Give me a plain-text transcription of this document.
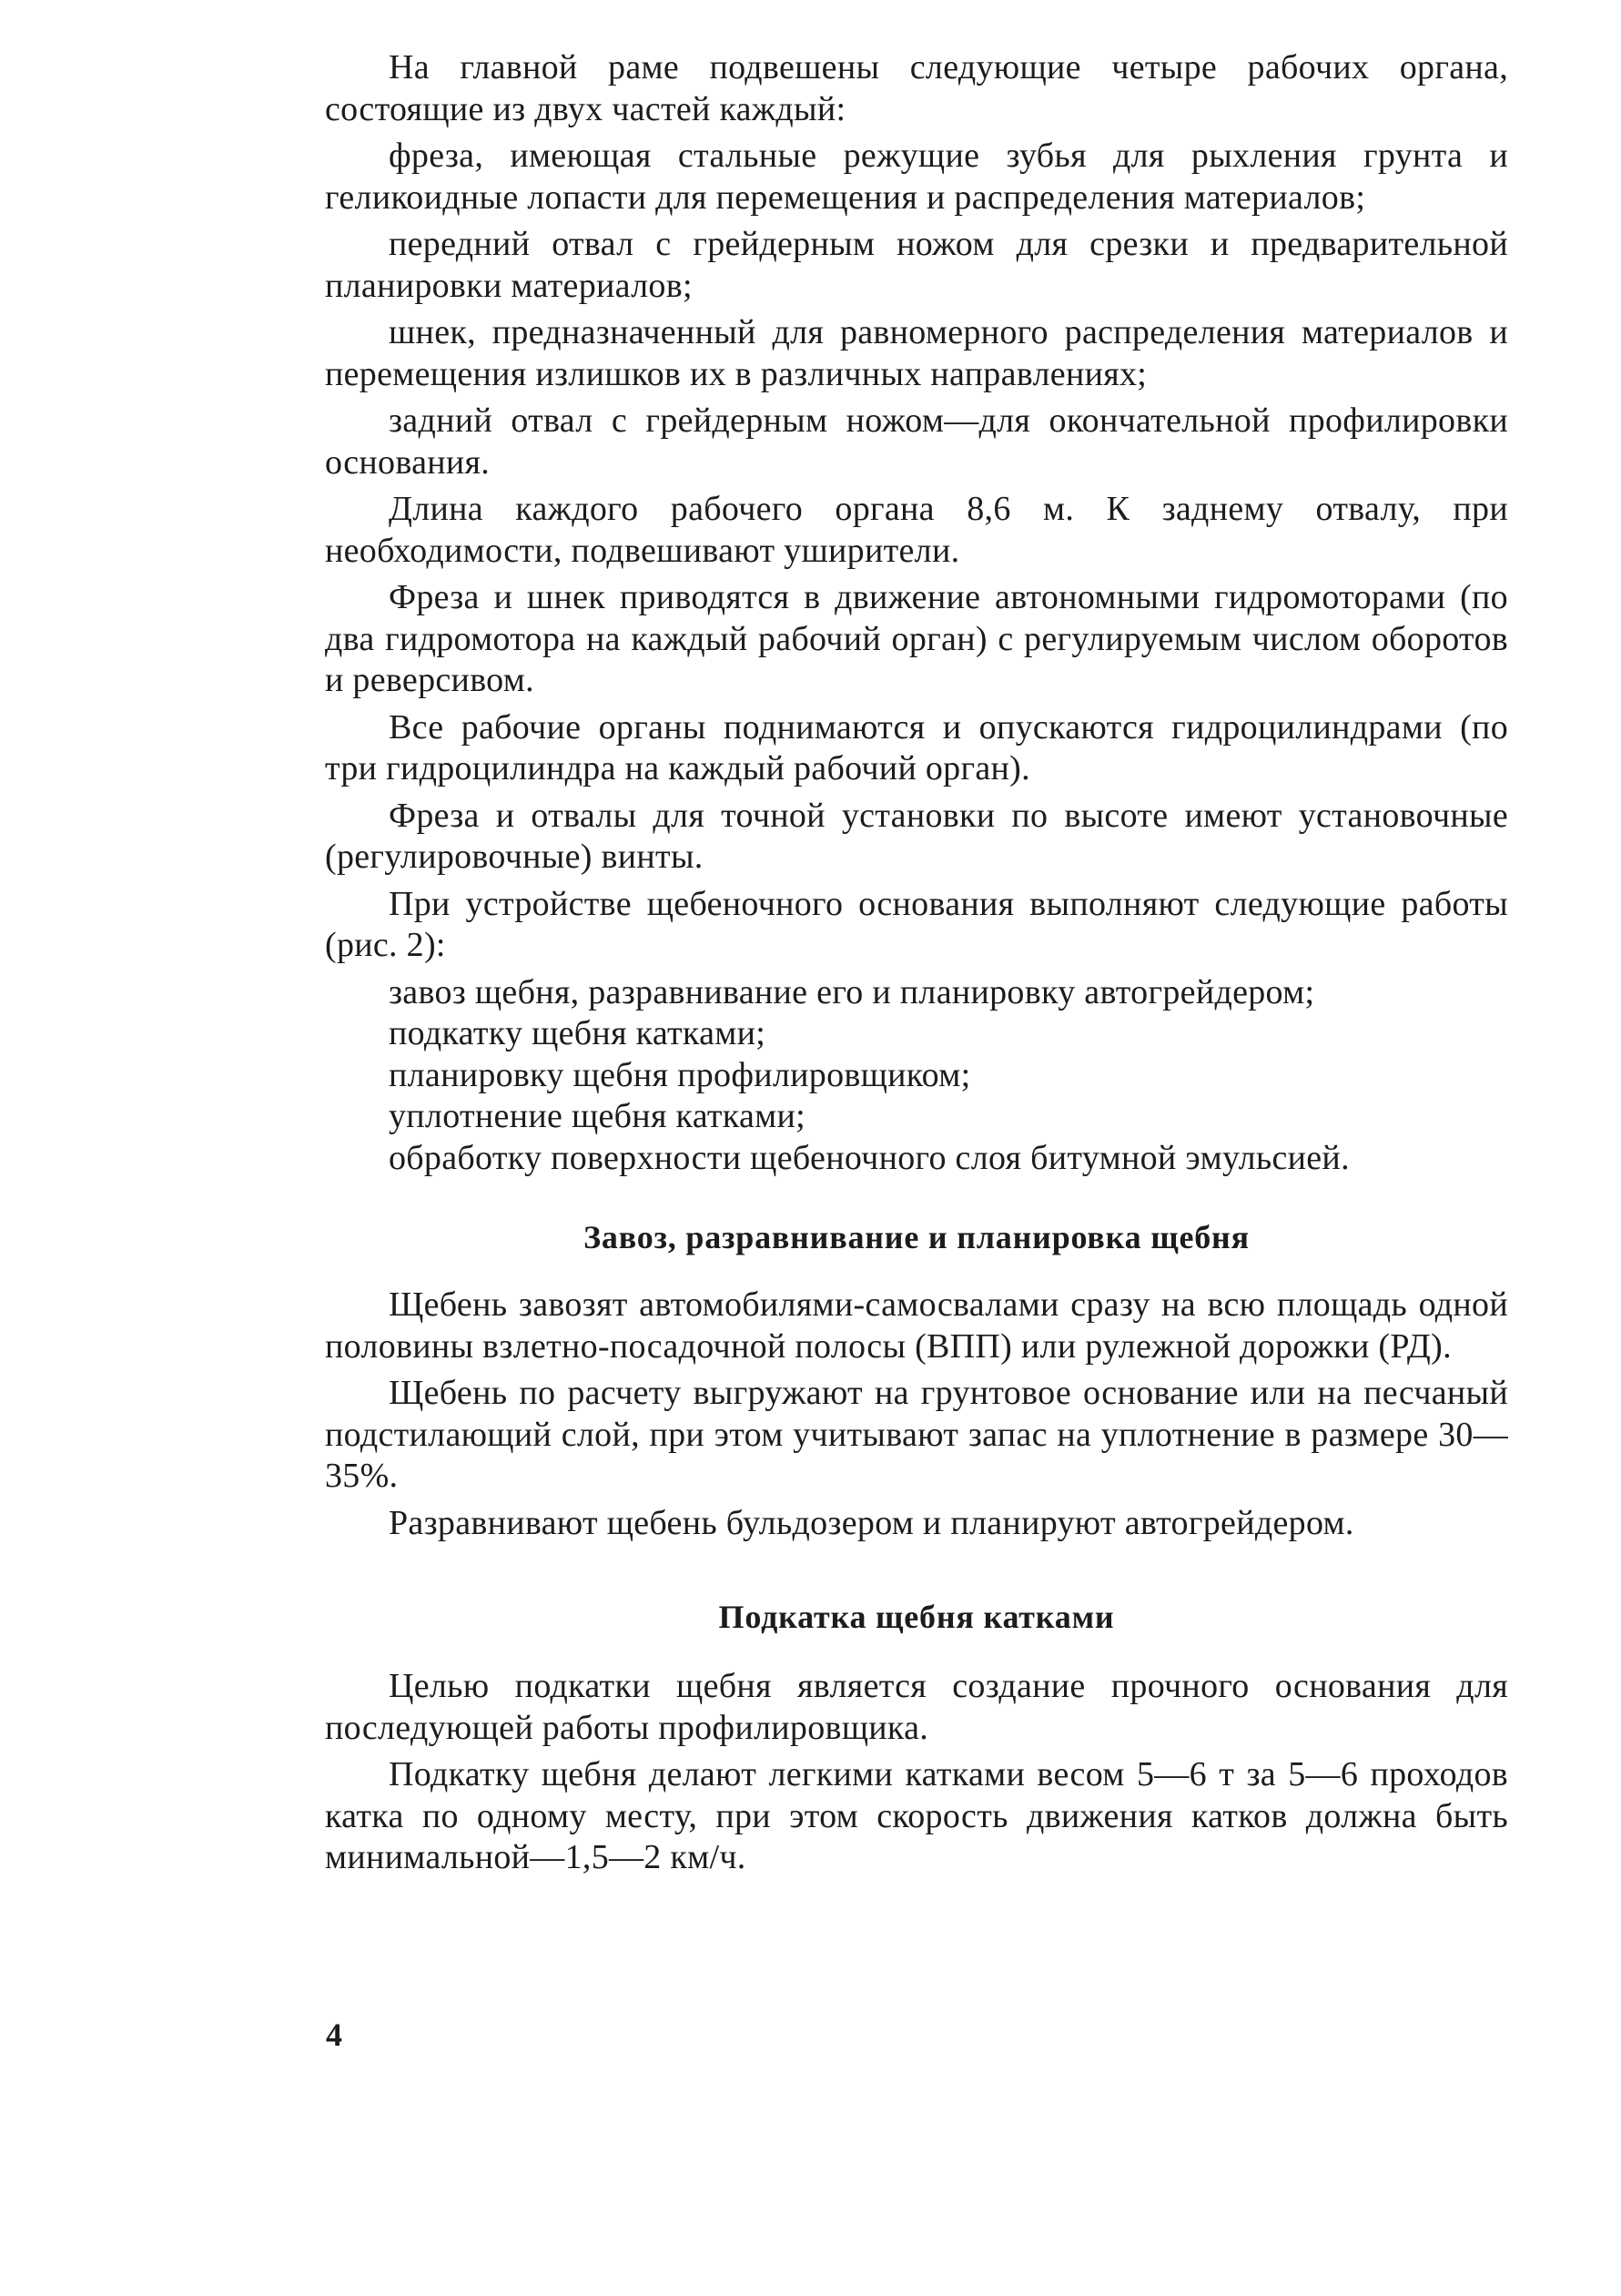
На главной раме подвешены следующие четыре рабочих органа, состоящие из двух частей каждый:

фреза, имеющая стальные режущие зубья для рыхления грунта и геликоидные лопасти для перемещения и распределения материалов;

передний отвал с грейдерным ножом для срезки и предварительной планировки материалов;

шнек, предназначенный для равномерного распределения материалов и перемещения излишков их в различных направлениях;

задний отвал с грейдерным ножом—для окончательной профилировки основания.

Длина каждого рабочего органа 8,6 м. К заднему отвалу, при необходимости, подвешивают уширители.

Фреза и шнек приводятся в движение автономными гидромоторами (по два гидромотора на каждый рабочий орган) с регулируемым числом оборотов и реверсивом.

Все рабочие органы поднимаются и опускаются гидроцилиндрами (по три гидроцилиндра на каждый рабочий орган).

Фреза и отвалы для точной установки по высоте имеют установочные (регулировочные) винты.

При устройстве щебеночного основания выполняют следующие работы (рис. 2):

завоз щебня, разравнивание его и планировку автогрейдером;

подкатку щебня катками;

планировку щебня профилировщиком;

уплотнение щебня катками;

обработку поверхности щебеночного слоя битумной эмульсией.

Завоз, разравнивание и планировка щебня

Щебень завозят автомобилями-самосвалами сразу на всю площадь одной половины взлетно-посадочной полосы (ВПП) или рулежной дорожки (РД).

Щебень по расчету выгружают на грунтовое основание или на песчаный подстилающий слой, при этом учитывают запас на уплотнение в размере 30—35%.

Разравнивают щебень бульдозером и планируют автогрейдером.

Подкатка щебня катками

Целью подкатки щебня является создание прочного основания для последующей работы профилировщика.

Подкатку щебня делают легкими катками весом 5—6 т за 5—6 проходов катка по одному месту, при этом скорость движения катков должна быть минимальной—1,5—2 км/ч.

4
